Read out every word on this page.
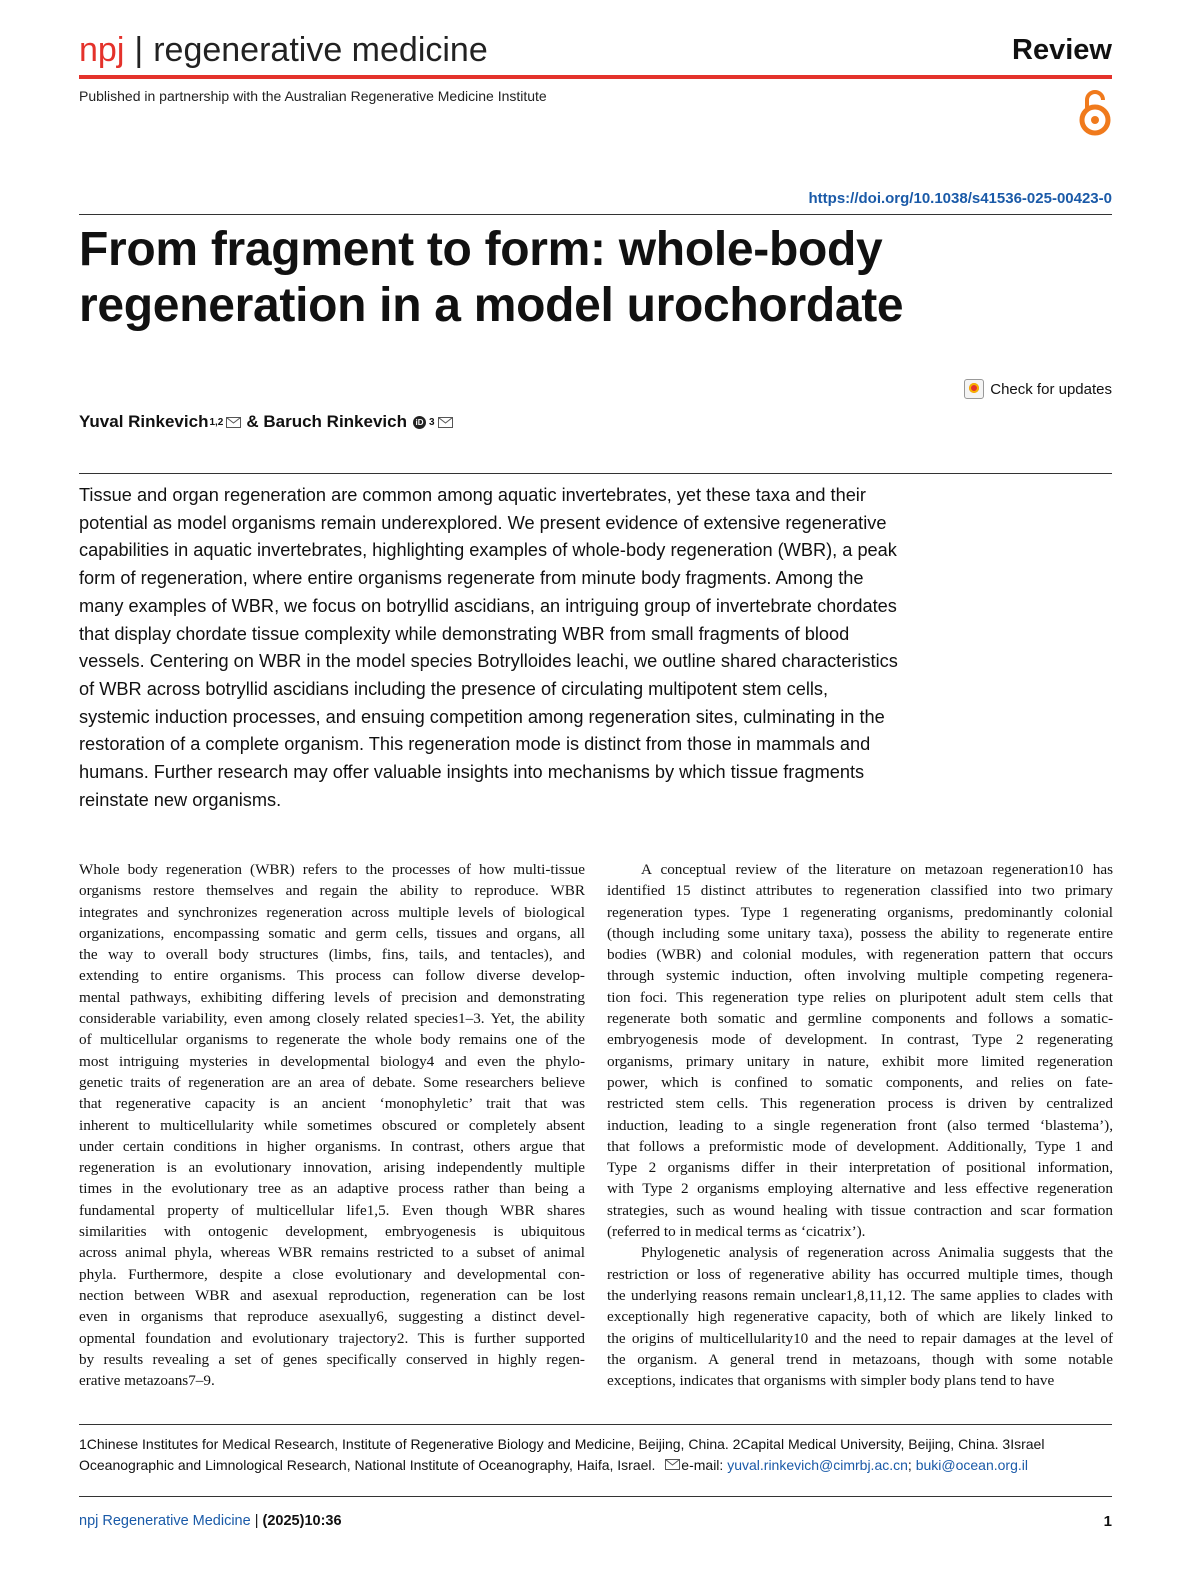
npj | regenerative medicine	Review
Published in partnership with the Australian Regenerative Medicine Institute
https://doi.org/10.1038/s41536-025-00423-0
From fragment to form: whole-body
regeneration in a model urochordate
Check for updates
Yuval Rinkevich 1,2 &
Baruch Rinkevich	iD 3
Tissue and organ regeneration are common among aquatic invertebrates, yet these taxa and their
potential as model organisms remain underexplored. We present evidence of extensive regenerative
capabilities in aquatic invertebrates, highlighting examples of whole-body regeneration (WBR), a peak
form of regeneration, where entire organisms regenerate from minute body fragments. Among the
many examples of WBR, we focus on botryllid ascidians, an intriguing group of invertebrate chordates
that display chordate tissue complexity while demonstrating WBR from small fragments of blood
vessels. Centering on WBR in the model species Botrylloides leachi, we outline shared characteristics
of WBR across botryllid ascidians including the presence of circulating multipotent stem cells,
systemic induction processes, and ensuing competition among regeneration sites, culminating in the
restoration of a complete organism. This regeneration mode is distinct from those in mammals and
humans. Further research may offer valuable insights into mechanisms by which tissue fragments
reinstate new organisms.
Whole body regeneration (WBR) refers to the processes of how multi-tissue
organisms restore themselves and regain the ability to reproduce. WBR
integrates and synchronizes regeneration across multiple levels of biological
organizations, encompassing somatic and germ cells, tissues and organs, all
the way to overall body structures (limbs, fins, tails, and tentacles), and
extending to entire organisms. This process can follow diverse develop-
mental pathways, exhibiting differing levels of precision and demonstrating
considerable variability, even among closely related species1–3. Yet, the ability
of multicellular organisms to regenerate the whole body remains one of the
most intriguing mysteries in developmental biology4 and even the phylo-
genetic traits of regeneration are an area of debate. Some researchers believe
that regenerative capacity is an ancient ‘monophyletic’ trait that was
inherent to multicellularity while sometimes obscured or completely absent
under certain conditions in higher organisms. In contrast, others argue that
regeneration is an evolutionary innovation, arising independently multiple
times in the evolutionary tree as an adaptive process rather than being a
fundamental property of multicellular life1,5. Even though WBR shares
similarities with ontogenic development, embryogenesis is ubiquitous
across animal phyla, whereas WBR remains restricted to a subset of animal
phyla. Furthermore, despite a close evolutionary and developmental con-
nection between WBR and asexual reproduction, regeneration can be lost
even in organisms that reproduce asexually6, suggesting a distinct devel-
opmental foundation and evolutionary trajectory2. This is further supported
by results revealing a set of genes specifically conserved in highly regen-
erative metazoans7–9.
A conceptual review of the literature on metazoan regeneration10 has
identified 15 distinct attributes to regeneration classified into two primary
regeneration types. Type 1 regenerating organisms, predominantly colonial
(though including some unitary taxa), possess the ability to regenerate entire
bodies (WBR) and colonial modules, with regeneration pattern that occurs
through systemic induction, often involving multiple competing regenera-
tion foci. This regeneration type relies on pluripotent adult stem cells that
regenerate both somatic and germline components and follows a somatic-
embryogenesis mode of development. In contrast, Type 2 regenerating
organisms, primary unitary in nature, exhibit more limited regeneration
power, which is confined to somatic components, and relies on fate-
restricted stem cells. This regeneration process is driven by centralized
induction, leading to a single regeneration front (also termed ‘blastema’),
that follows a preformistic mode of development. Additionally, Type 1 and
Type 2 organisms differ in their interpretation of positional information,
with Type 2 organisms employing alternative and less effective regeneration
strategies, such as wound healing with tissue contraction and scar formation
(referred to in medical terms as ‘cicatrix’).
Phylogenetic analysis of regeneration across Animalia suggests that the
restriction or loss of regenerative ability has occurred multiple times, though
the underlying reasons remain unclear1,8,11,12. The same applies to clades with
exceptionally high regenerative capacity, both of which are likely linked to
the origins of multicellularity10 and the need to repair damages at the level of
the organism. A general trend in metazoans, though with some notable
exceptions, indicates that organisms with simpler body plans tend to have
1Chinese Institutes for Medical Research, Institute of Regenerative Biology and Medicine, Beijing, China. 2Capital Medical University, Beijing, China. 3Israel
Oceanographic and Limnological Research, National Institute of Oceanography, Haifa, Israel. e-mail: yuval.rinkevich@cimrbj.ac.cn; buki@ocean.org.il
npj Regenerative Medicine | (2025)10:36	1
